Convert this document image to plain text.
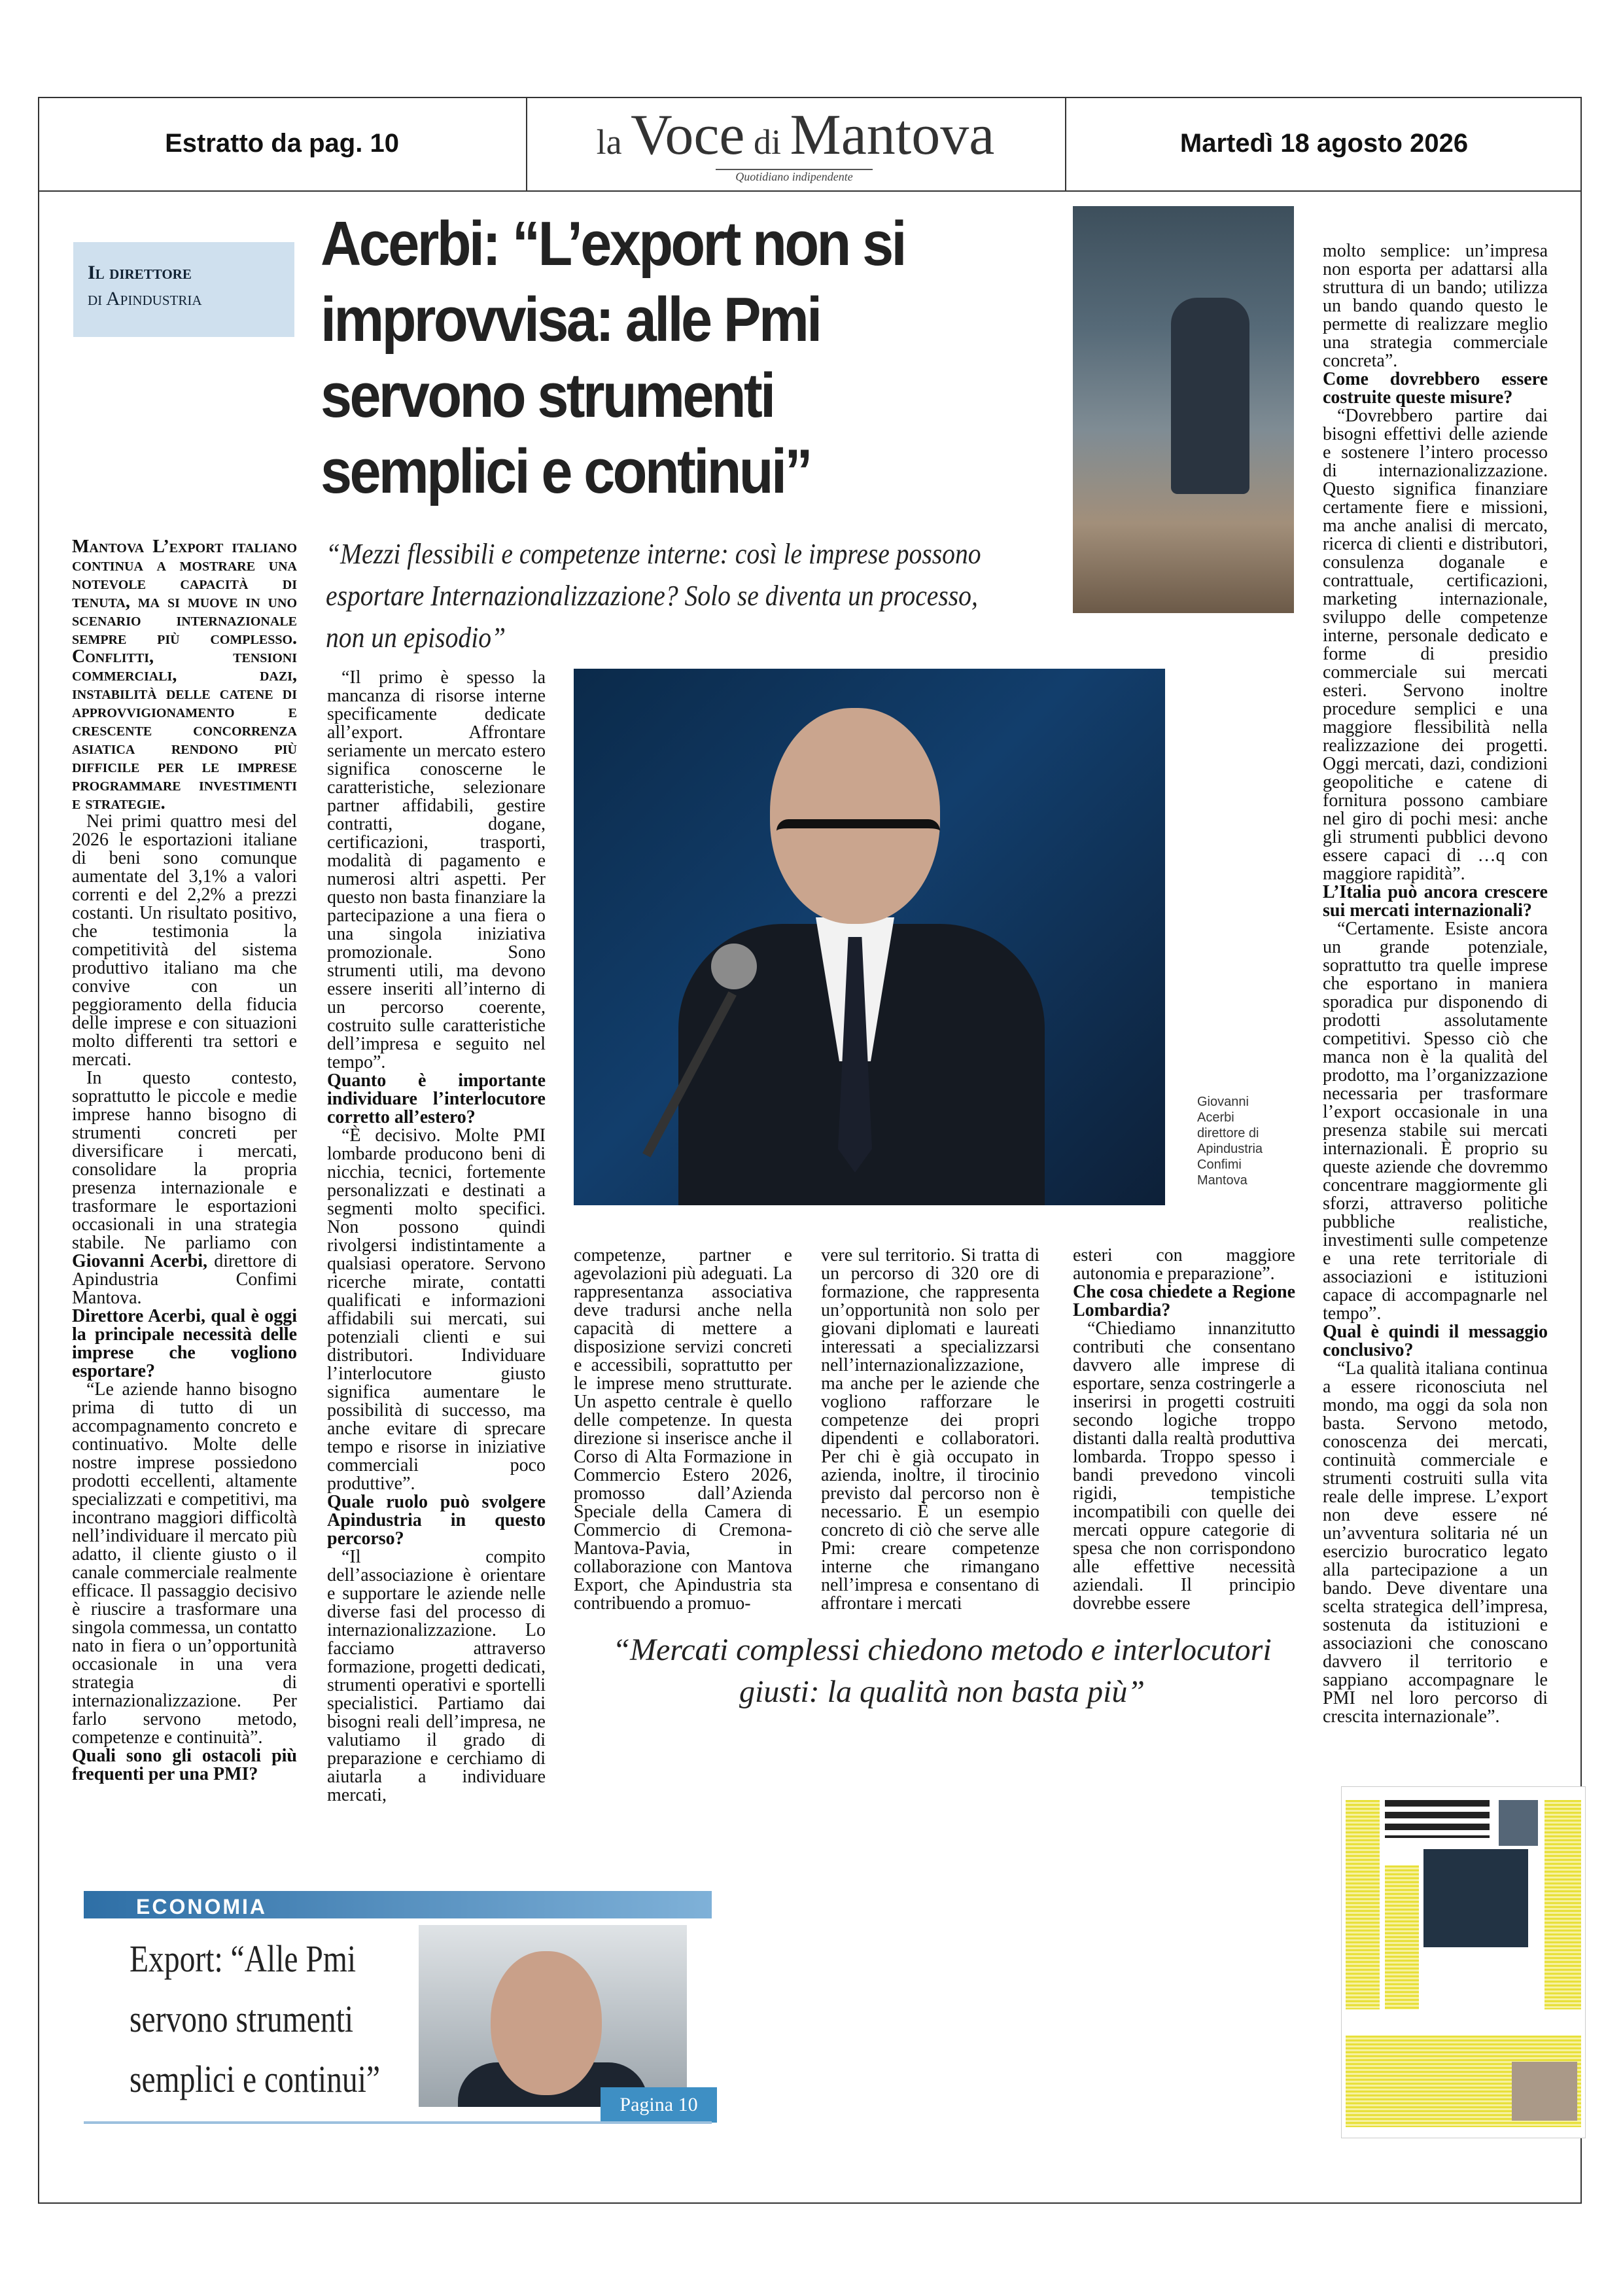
Estratto da pag. 10	la Voce di Mantova
Quotidiano indipendente
Martedì 18 agosto 2026
Il direttore
di Apindustria
Acerbi: “L’export non si improvvisa: alle Pmi servono strumenti semplici e continui”
“Mezzi flessibili e competenze interne: così le imprese possono esportare Internazionalizzazione? Solo se diventa un processo, non un episodio”

Mantova L’export italiano continua a mostrare una notevole capacità di tenuta, ma si muove in uno scenario internazionale sempre più complesso. Conflitti, tensioni commerciali, dazi, instabilità delle catene di approvvigionamento e crescente concorrenza asiatica rendono più difficile per le imprese programmare investimenti e strategie.

Nei primi quattro mesi del 2026 le esportazioni italiane di beni sono comunque aumentate del 3,1% a valori correnti e del 2,2% a prezzi costanti. Un risultato positivo, che testimonia la competitività del sistema produttivo italiano ma che convive con un peggioramento della fiducia delle imprese e con situazioni molto differenti tra settori e mercati.

In questo contesto, soprattutto le piccole e medie imprese hanno bisogno di strumenti concreti per diversificare i mercati, consolidare la propria presenza internazionale e trasformare le esportazioni occasionali in una strategia stabile. Ne parliamo con Giovanni Acerbi, direttore di Apindustria Confimi Mantova.

Direttore Acerbi, qual è oggi la principale necessità delle imprese che vogliono esportare?

“Le aziende hanno bisogno prima di tutto di un accompagnamento concreto e continuativo. Molte delle nostre imprese possiedono prodotti eccellenti, altamente specializzati e competitivi, ma incontrano maggiori difficoltà nell’individuare il mercato più adatto, il cliente giusto o il canale commerciale realmente efficace. Il passaggio decisivo è riuscire a trasformare una singola commessa, un contatto nato in fiera o un’opportunità occasionale in una vera strategia di internazionalizzazione. Per farlo servono metodo, competenze e continuità”.

Quali sono gli ostacoli più frequenti per una PMI?

“Il primo è spesso la mancanza di risorse interne specificamente dedicate all’export. Affrontare seriamente un mercato estero significa conoscerne le caratteristiche, selezionare partner affidabili, gestire contratti, dogane, certificazioni, trasporti, modalità di pagamento e numerosi altri aspetti. Per questo non basta finanziare la partecipazione a una fiera o una singola iniziativa promozionale. Sono strumenti utili, ma devono essere inseriti all’interno di un percorso coerente, costruito sulle caratteristiche dell’impresa e seguito nel tempo”.

Quanto è importante individuare l’interlocutore corretto all’estero?

“È decisivo. Molte PMI lombarde producono beni di nicchia, tecnici, fortemente personalizzati e destinati a segmenti molto specifici. Non possono quindi rivolgersi indistintamente a qualsiasi operatore. Servono ricerche mirate, contatti qualificati e informazioni affidabili sui mercati, sui potenziali clienti e sui distributori. Individuare l’interlocutore giusto significa aumentare le possibilità di successo, ma anche evitare di sprecare tempo e risorse in iniziative commerciali poco produttive”.

Quale ruolo può svolgere Apindustria in questo percorso?

“Il compito dell’associazione è orientare e supportare le aziende nelle diverse fasi del processo di internazionalizzazione. Lo facciamo attraverso formazione, progetti dedicati, strumenti operativi e sportelli specialistici. Partiamo dai bisogni reali dell’impresa, ne valutiamo il grado di preparazione e cerchiamo di aiutarla a individuare mercati,

Giovanni Acerbi direttore di Apindustria Confimi Mantova

competenze, partner e agevolazioni più adeguati. La rappresentanza associativa deve tradursi anche nella capacità di mettere a disposizione servizi concreti e accessibili, soprattutto per le imprese meno strutturate. Un aspetto centrale è quello delle competenze. In questa direzione si inserisce anche il Corso di Alta Formazione in Commercio Estero 2026, promosso dall’Azienda Speciale della Camera di Commercio di Cremona-Mantova-Pavia, in collaborazione con Mantova Export, che Apindustria sta contribuendo a promuo-

vere sul territorio. Si tratta di un percorso di 320 ore di formazione, che rappresenta un’opportunità non solo per giovani diplomati e laureati interessati a specializzarsi nell’internazionalizzazione, ma anche per le aziende che vogliono rafforzare le competenze dei propri dipendenti e collaboratori. Per chi è già occupato in azienda, inoltre, il tirocinio previsto dal percorso non è necessario. È un esempio concreto di ciò che serve alle Pmi: creare competenze interne che rimangano nell’impresa e consentano di affrontare i mercati

esteri con maggiore autonomia e preparazione”.

Che cosa chiedete a Regione Lombardia?

“Chiediamo innanzitutto contributi che consentano davvero alle imprese di esportare, senza costringerle a inserirsi in progetti costruiti secondo logiche troppo distanti dalla realtà produttiva lombarda. Troppo spesso i bandi prevedono vincoli rigidi, tempistiche incompatibili con quelle dei mercati oppure categorie di spesa che non corrispondono alle effettive necessità aziendali. Il principio dovrebbe essere

molto semplice: un’impresa non esporta per adattarsi alla struttura di un bando; utilizza un bando quando questo le permette di realizzare meglio una strategia commerciale concreta”.

Come dovrebbero essere costruite queste misure?

“Dovrebbero partire dai bisogni effettivi delle aziende e sostenere l’intero processo di internazionalizzazione. Questo significa finanziare certamente fiere e missioni, ma anche analisi di mercato, ricerca di clienti e distributori, consulenza doganale e contrattuale, certificazioni, marketing internazionale, sviluppo delle competenze interne, personale dedicato e forme di presidio commerciale sui mercati esteri. Servono inoltre procedure semplici e una maggiore flessibilità nella realizzazione dei progetti. Oggi mercati, dazi, condizioni geopolitiche e catene di fornitura possono cambiare nel giro di pochi mesi: anche gli strumenti pubblici devono essere capaci di …q con maggiore rapidità”.

L’Italia può ancora crescere sui mercati internazionali?

“Certamente. Esiste ancora un grande potenziale, soprattutto tra quelle imprese che esportano in maniera sporadica pur disponendo di prodotti assolutamente competitivi. Spesso ciò che manca non è la qualità del prodotto, ma l’organizzazione necessaria per trasformare l’export occasionale in una presenza stabile sui mercati internazionali. È proprio su queste aziende che dovremmo concentrare maggiormente gli sforzi, attraverso politiche pubbliche realistiche, investimenti sulle competenze e una rete territoriale di associazioni e istituzioni capace di accompagnarle nel tempo”.

Qual è quindi il messaggio conclusivo?

“La qualità italiana continua a essere riconosciuta nel mondo, ma oggi da sola non basta. Servono metodo, conoscenza dei mercati, continuità commerciale e strumenti costruiti sulla vita reale delle imprese. L’export non deve essere né un’avventura solitaria né un esercizio burocratico legato alla partecipazione a un bando. Deve diventare una scelta strategica dell’impresa, sostenuta da istituzioni e associazioni che conoscano davvero il territorio e sappiano accompagnare le PMI nel loro percorso di crescita internazionale”.

“Mercati complessi chiedono metodo e interlocutori giusti: la qualità non basta più”
ECONOMIA
Export: “Alle Pmi servono strumenti semplici e continui”
Pagina 10
